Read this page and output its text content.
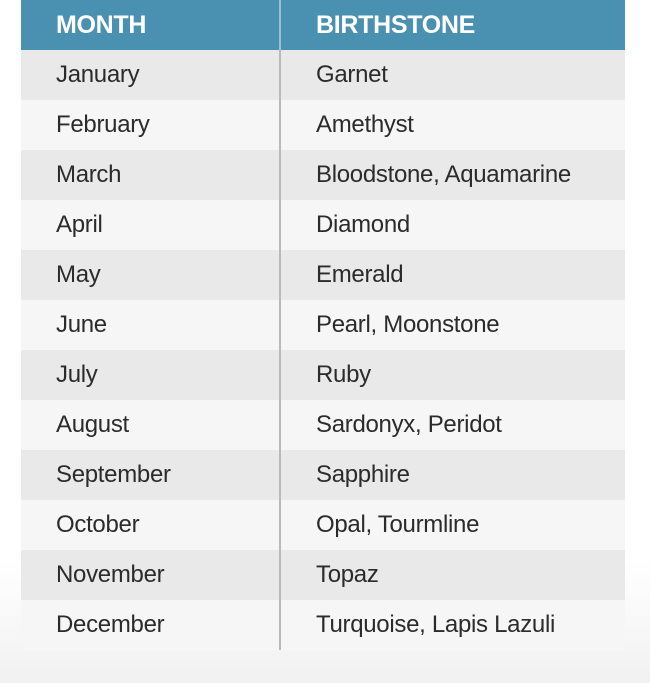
MONTH	BIRTHSTONE
January	Garnet
February	Amethyst
March	Bloodstone, Aquamarine
April	Diamond
May	Emerald
June	Pearl, Moonstone
July	Ruby
August	Sardonyx, Peridot
September	Sapphire
October	Opal, Tourmline
November	Topaz
December	Turquoise, Lapis Lazuli
